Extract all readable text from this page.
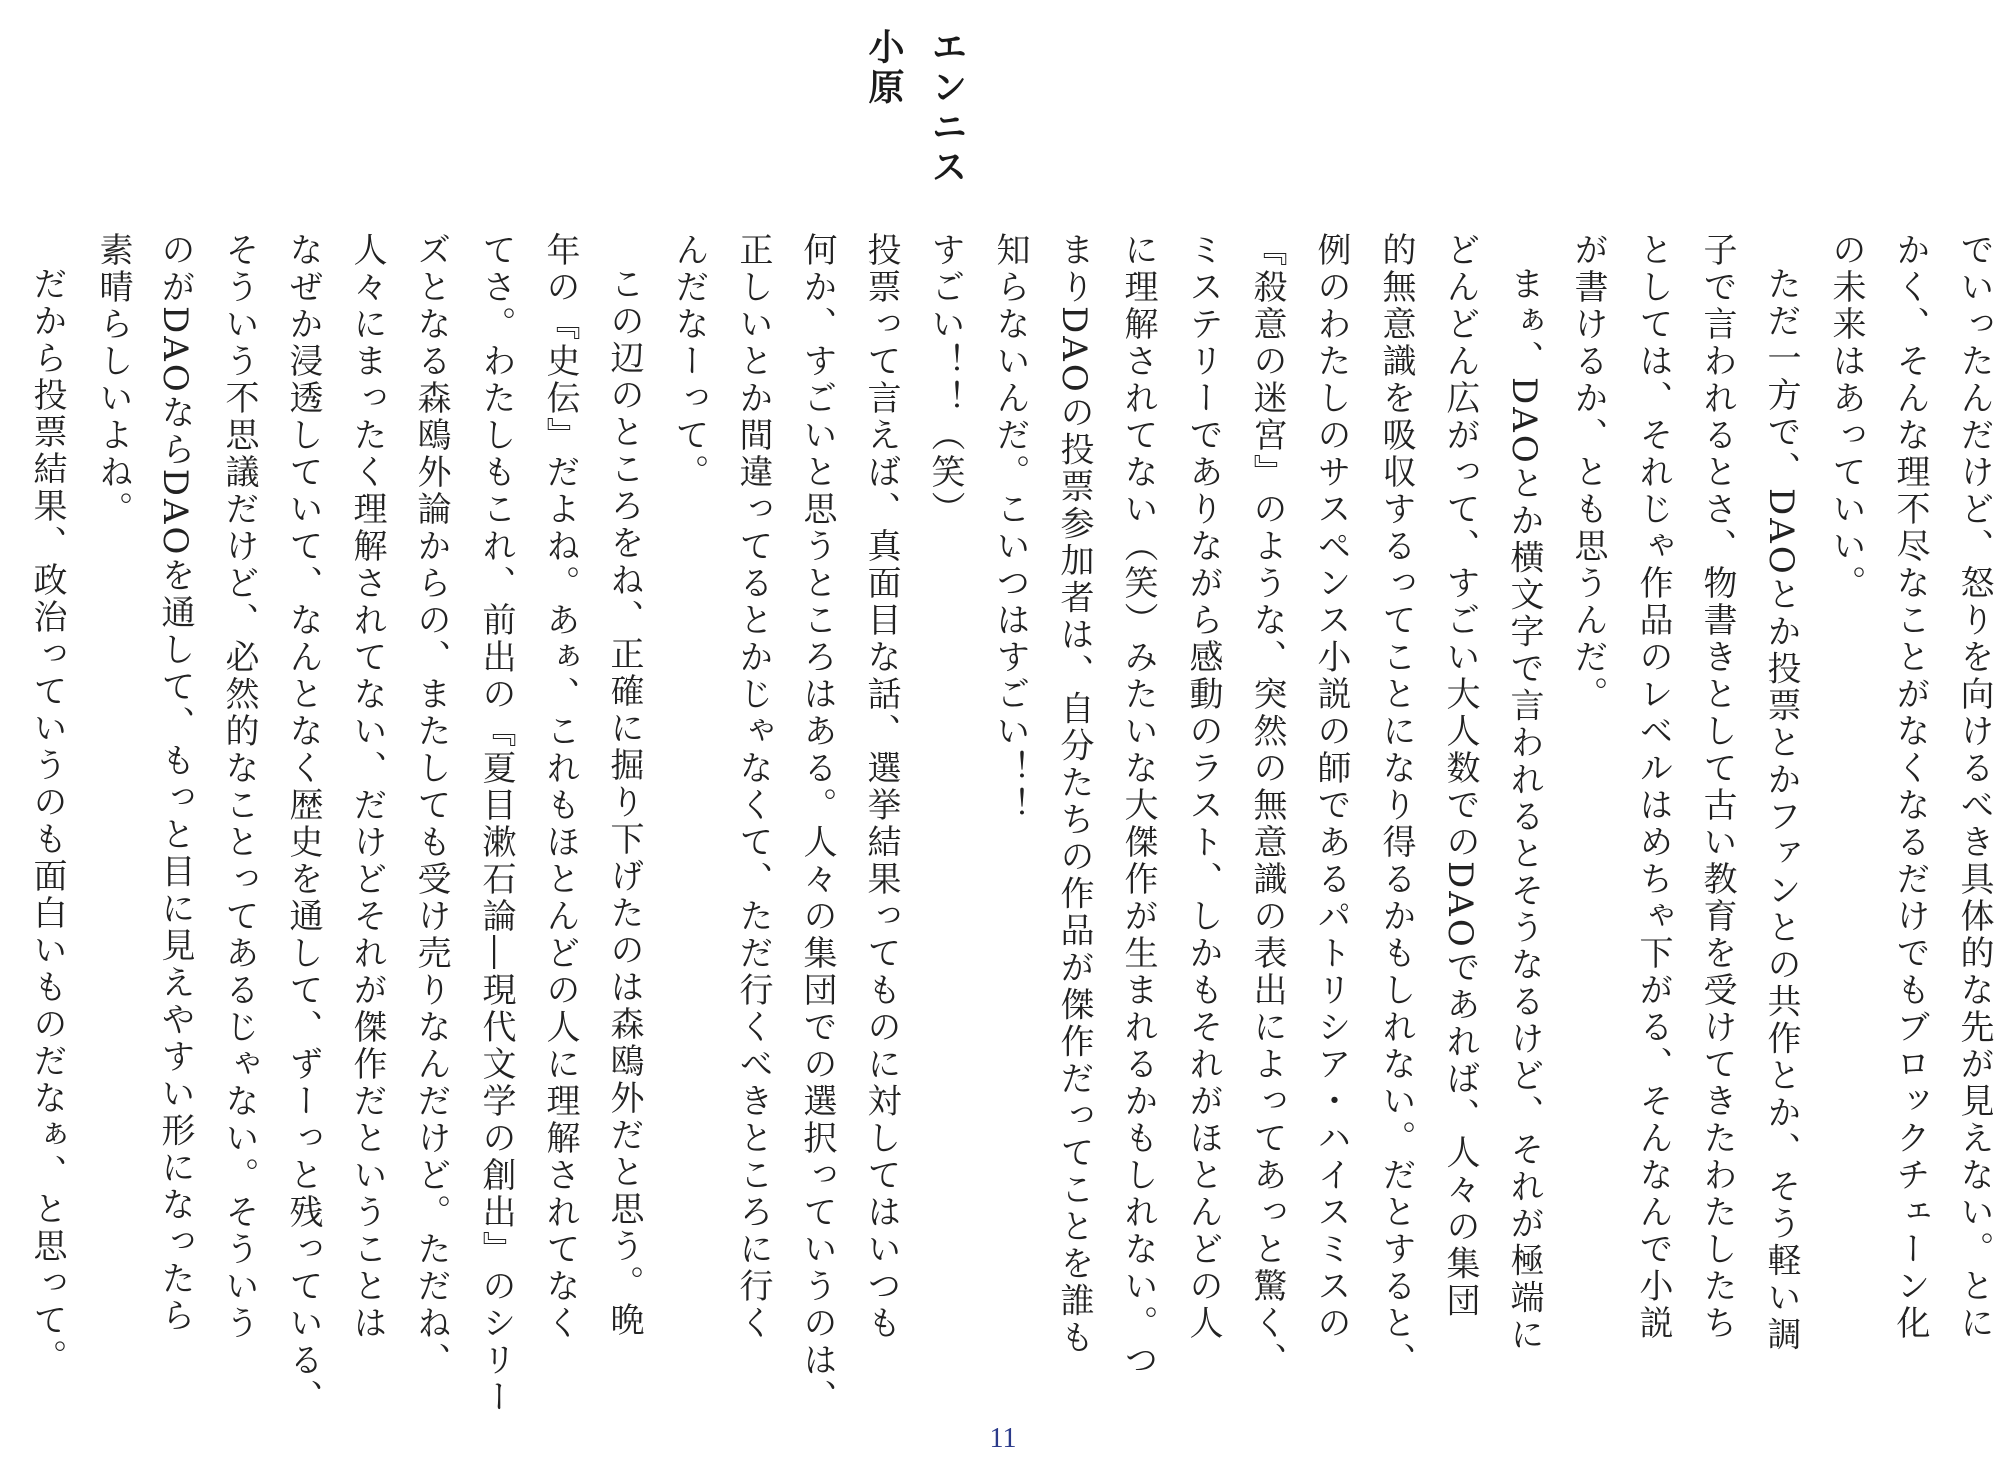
エンニス
小原
でいったんだけど、怒りを向けるべき具体的な先が見えない。とに
かく、そんな理不尽なことがなくなるだけでもブロックチェーン化
の未来はあっていい。
ただ一方で、DAOとか投票とかファンとの共作とか、そう軽い調
子で言われるとさ、物書きとして古い教育を受けてきたわたしたち
としては、それじゃ作品のレベルはめちゃ下がる、そんなんで小説
が書けるか、とも思うんだ。
まぁ、DAOとか横文字で言われるとそうなるけど、それが極端に
どんどん広がって、すごい大人数でのDAOであれば、人々の集団
的無意識を吸収するってことになり得るかもしれない。だとすると、
例のわたしのサスペンス小説の師であるパトリシア・ハイスミスの
『殺意の迷宮』のような、突然の無意識の表出によってあっと驚く、
ミステリーでありながら感動のラスト、しかもそれがほとんどの人
に理解されてない（笑）みたいな大傑作が生まれるかもしれない。つ
まりDAOの投票参加者は、自分たちの作品が傑作だってことを誰も
知らないんだ。こいつはすごい！！
すごい！！（笑）
投票って言えば、真面目な話、選挙結果ってものに対してはいつも
何か、すごいと思うところはある。人々の集団での選択っていうのは、
正しいとか間違ってるとかじゃなくて、ただ行くべきところに行く
んだなーって。
この辺のところをね、正確に掘り下げたのは森鴎外だと思う。晩
年の『史伝』だよね。あぁ、これもほとんどの人に理解されてなく
てさ。わたしもこれ、前出の『夏目漱石論―現代文学の創出』のシリー
ズとなる森鴎外論からの、またしても受け売りなんだけど。ただね、
人々にまったく理解されてない、だけどそれが傑作だということは
なぜか浸透していて、なんとなく歴史を通して、ずーっと残っている、
そういう不思議だけど、必然的なことってあるじゃない。そういう
のがDAOならDAOを通して、もっと目に見えやすい形になったら
素晴らしいよね。
だから投票結果、政治っていうのも面白いものだなぁ、と思って。
11
